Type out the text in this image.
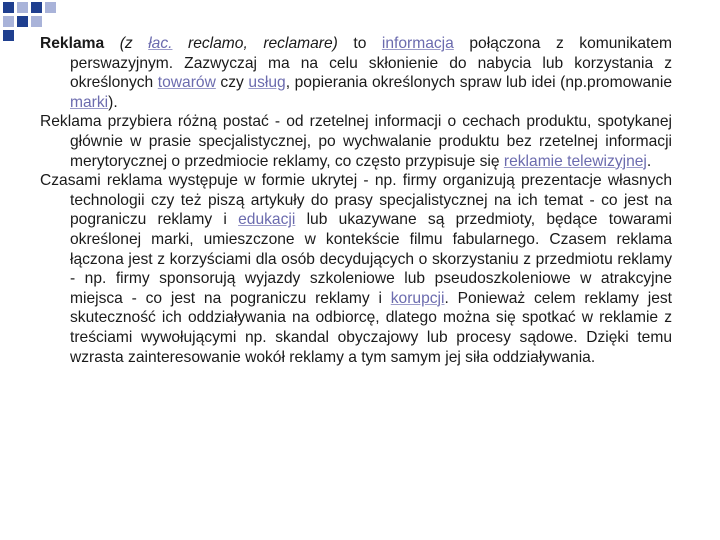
Reklama (z łac. reclamo, reclamare) to informacja połączona z komunikatem perswazyjnym. Zazwyczaj ma na celu skłonienie do nabycia lub korzystania z określonych towarów czy usług, popierania określonych spraw lub idei (np.promowanie marki).

Reklama przybiera różną postać - od rzetelnej informacji o cechach produktu, spotykanej głównie w prasie specjalistycznej, po wychwalanie produktu bez rzetelnej informacji merytorycznej o przedmiocie reklamy, co często przypisuje się reklamie telewizyjnej.

Czasami reklama występuje w formie ukrytej - np. firmy organizują prezentacje własnych technologii czy też piszą artykuły do prasy specjalistycznej na ich temat - co jest na pograniczu reklamy i edukacji lub ukazywane są przedmioty, będące towarami określonej marki, umieszczone w kontekście filmu fabularnego. Czasem reklama łączona jest z korzyściami dla osób decydujących o skorzystaniu z przedmiotu reklamy - np. firmy sponsorują wyjazdy szkoleniowe lub pseudoszkoleniowe w atrakcyjne miejsca - co jest na pograniczu reklamy i korupcji. Ponieważ celem reklamy jest skuteczność ich oddziaływania na odbiorcę, dlatego można się spotkać w reklamie z treściami wywołującymi np. skandal obyczajowy lub procesy sądowe. Dzięki temu wzrasta zainteresowanie wokół reklamy a tym samym jej siła oddziaływania.
